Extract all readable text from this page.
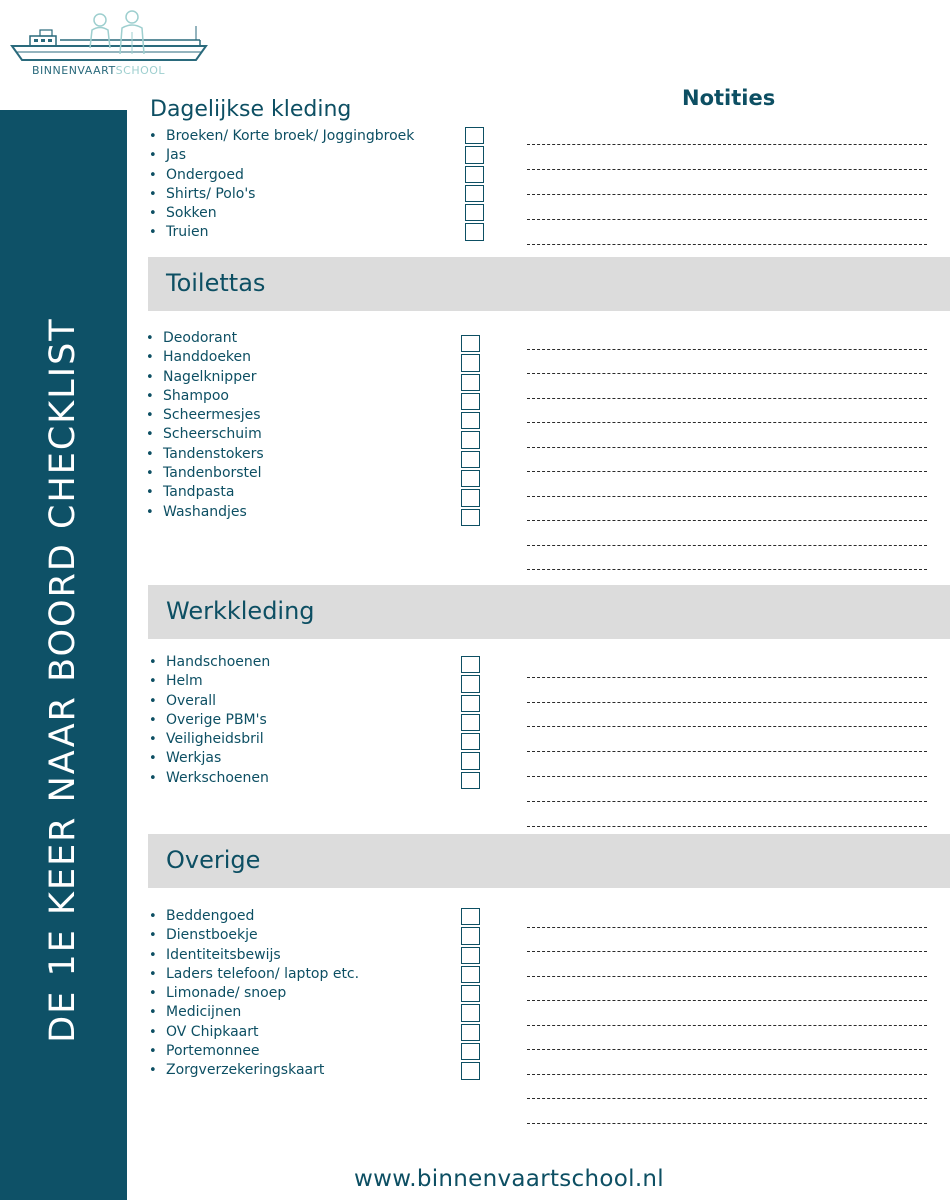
BINNENVAARTSCHOOL
DE 1E KEER NAAR BOORD CHECKLIST
Notities
Dagelijkse kleding
• Broeken/ Korte broek/ Joggingbroek
• Jas
• Ondergoed
• Shirts/ Polo's
• Sokken
• Truien
Toilettas
• Deodorant
• Handdoeken
• Nagelknipper
• Shampoo
• Scheermesjes
• Scheerschuim
• Tandenstokers
• Tandenborstel
• Tandpasta
• Washandjes
Werkkleding
• Handschoenen
• Helm
• Overall
• Overige PBM's
• Veiligheidsbril
• Werkjas
• Werkschoenen
Overige
• Beddengoed
• Dienstboekje
• Identiteitsbewijs
• Laders telefoon/ laptop etc.
• Limonade/ snoep
• Medicijnen
• OV Chipkaart
• Portemonnee
• Zorgverzekeringskaart
www.binnenvaartschool.nl
